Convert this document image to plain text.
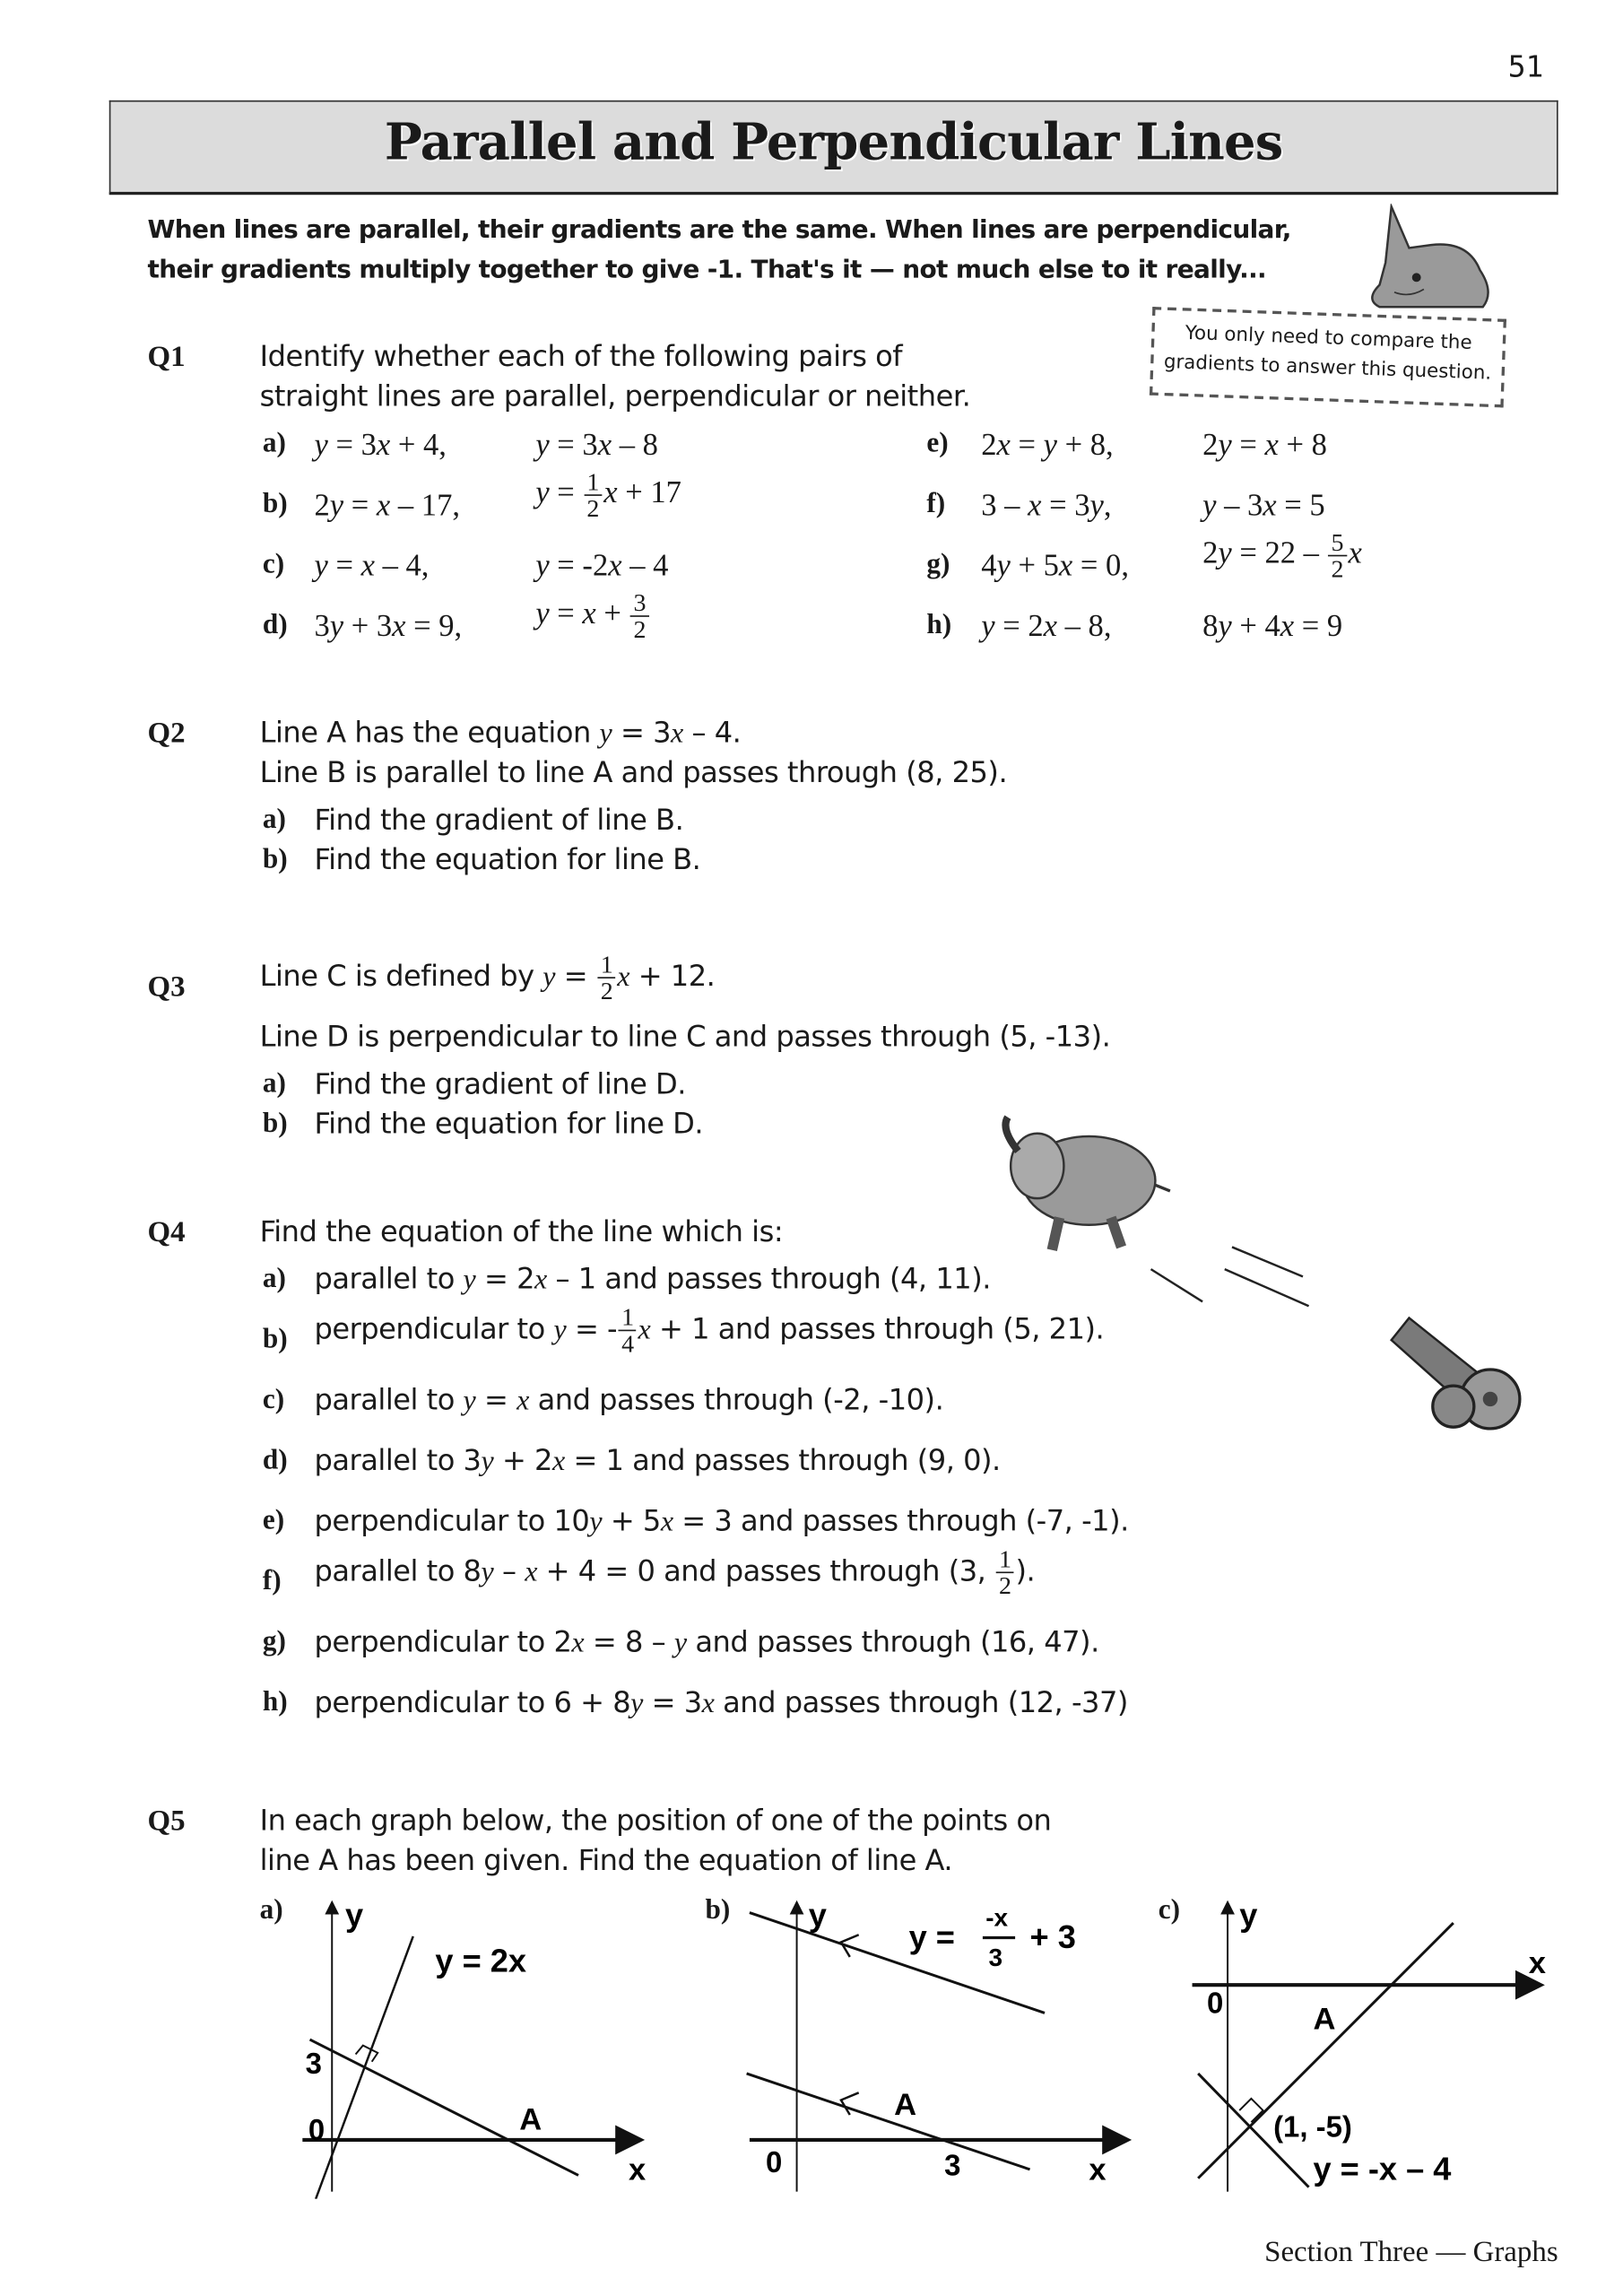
51
Parallel and Perpendicular Lines
When lines are parallel, their gradients are the same. When lines are perpendicular,
their gradients multiply together to give -1. That's it — not much else to it really...
You only need to compare the
gradients to answer this question.
Q1	Identify whether each of the following pairs of
straight lines are parallel, perpendicular or neither.
a) y = 3x + 4,	y = 3x – 8
b) 2y = x – 17,	$y = \frac{1}{2}$ x + 17
c) y = x – 4,	y = -2x – 4
d) 3y + 3x = 9,	$y = x + \frac{3}{2}$
e) 2x = y + 8,	2y = x + 8
f) 3 – x = 3y,	y – 3x = 5
g) 4y + 5x = 0,	$2y = 22 - \frac{5}{2}$ x
h) y = 2x – 8,	8y + 4x = 9
Q2	Line A has the equation y = 3x – 4.
Line B is parallel to line A and passes through (8, 25).
a) Find the gradient of line B.
b) Find the equation for line B.
Q3	Line C is defined by $y = \frac{1}{2}$ x + 12.
Line D is perpendicular to line C and passes through (5, -13).
a) Find the gradient of line D.
b) Find the equation for line D.
Q4	Find the equation of the line which is:
a) parallel to y = 2x – 1 and passes through (4, 11).
b) perpendicular to y = - $\frac{1}{4}$ x + 1 and passes through (5, 21).
c) parallel to y = x and passes through (-2, -10).
d) parallel to 3y + 2x = 1 and passes through (9, 0).
e) perpendicular to 10y + 5x = 3 and passes through (-7, -1).
f) parallel to 8y – x + 4 = 0 and passes through (3, $\frac{1}{2}$ ).
g) perpendicular to 2x = 8 – y and passes through (16, 47).
h) perpendicular to 6 + 8y = 3x and passes through (12, -37)
Q5	In each graph below, the position of one of the points on
line A has been given. Find the equation of line A.
a)	y
y = 2x
3
0	A
x
b)	y
y =
-x
3
+ 3
A
0	3	x
c)	y
x
0	A
(1, -5)
y = -x – 4
Section Three — Graphs
